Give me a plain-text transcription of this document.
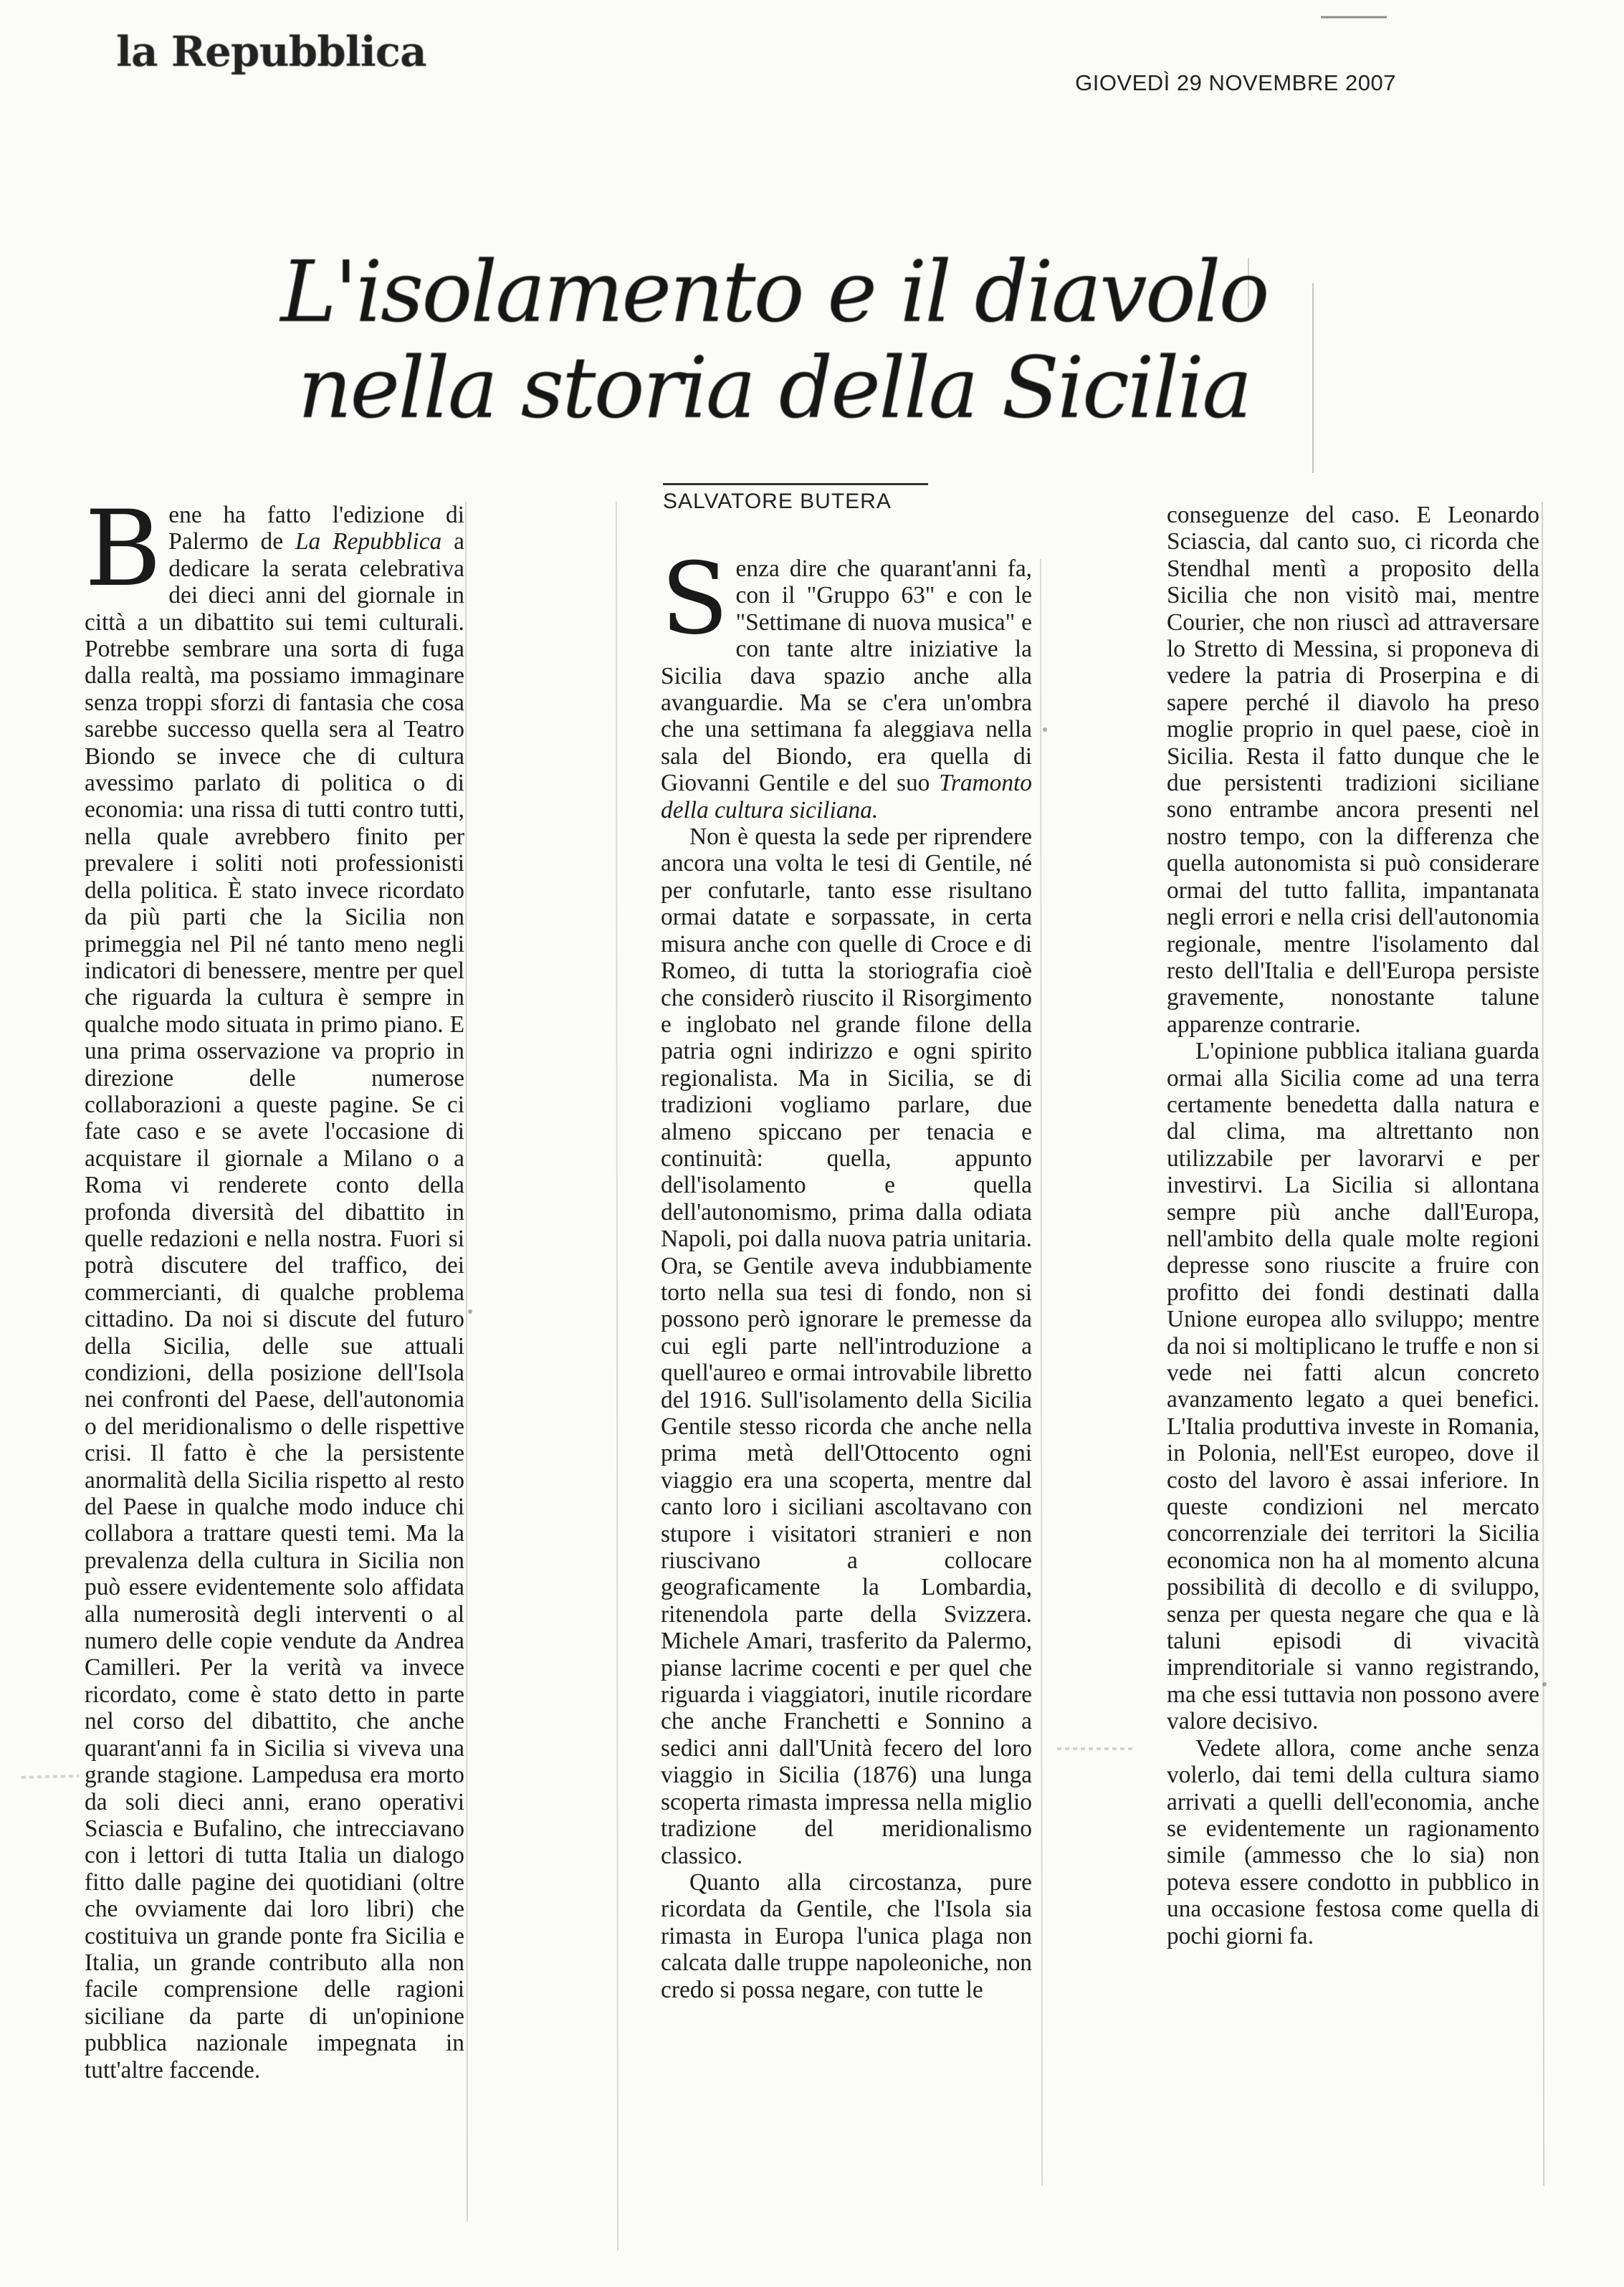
la Repubblica
GIOVEDÌ 29 NOVEMBRE 2007
L'isolamento e il diavolo
nella storia della Sicilia
SALVATORE BUTERA

Bene ha fatto l'edizione di Palermo de La Repubblica a dedicare la serata celebrativa dei dieci anni del giornale in città a un dibattito sui temi culturali. Potrebbe sembrare una sorta di fuga dalla realtà, ma possiamo immaginare senza troppi sforzi di fantasia che cosa sarebbe successo quella sera al Teatro Biondo se invece che di cultura avessimo parlato di politica o di economia: una rissa di tutti contro tutti, nella quale avrebbero finito per prevalere i soliti noti professionisti della politica. È stato invece ricordato da più parti che la Sicilia non primeggia nel Pil né tanto meno negli indicatori di benessere, mentre per quel che riguarda la cultura è sempre in qualche modo situata in primo piano. E una prima osservazione va proprio in direzione delle numerose collaborazioni a queste pagine. Se ci fate caso e se avete l'occasione di acquistare il giornale a Milano o a Roma vi renderete conto della profonda diversità del dibattito in quelle redazioni e nella nostra. Fuori si potrà discutere del traffico, dei commercianti, di qualche problema cittadino. Da noi si discute del futuro della Sicilia, delle sue attuali condizioni, della posizione dell'Isola nei confronti del Paese, dell'autonomia o del meridionalismo o delle rispettive crisi. Il fatto è che la persistente anormalità della Sicilia rispetto al resto del Paese in qualche modo induce chi collabora a trattare questi temi. Ma la prevalenza della cultura in Sicilia non può essere evidentemente solo affidata alla numerosità degli interventi o al numero delle copie vendute da Andrea Camilleri. Per la verità va invece ricordato, come è stato detto in parte nel corso del dibattito, che anche quarant'anni fa in Sicilia si viveva una grande stagione. Lampedusa era morto da soli dieci anni, erano operativi Sciascia e Bufalino, che intrecciavano con i lettori di tutta Italia un dialogo fitto dalle pagine dei quotidiani (oltre che ovviamente dai loro libri) che costituiva un grande ponte fra Sicilia e Italia, un grande contributo alla non facile comprensione delle ragioni siciliane da parte di un'opinione pubblica nazionale impegnata in tutt'altre faccende.

Senza dire che quarant'anni fa, con il "Gruppo 63" e con le "Settimane di nuova musica" e con tante altre iniziative la Sicilia dava spazio anche alla avanguardie. Ma se c'era un'ombra che una settimana fa aleggiava nella sala del Biondo, era quella di Giovanni Gentile e del suo Tramonto della cultura siciliana.

Non è questa la sede per riprendere ancora una volta le tesi di Gentile, né per confutarle, tanto esse risultano ormai datate e sorpassate, in certa misura anche con quelle di Croce e di Romeo, di tutta la storiografia cioè che considerò riuscito il Risorgimento e inglobato nel grande filone della patria ogni indirizzo e ogni spirito regionalista. Ma in Sicilia, se di tradizioni vogliamo parlare, due almeno spiccano per tenacia e continuità: quella, appunto dell'isolamento e quella dell'autonomismo, prima dalla odiata Napoli, poi dalla nuova patria unitaria. Ora, se Gentile aveva indubbiamente torto nella sua tesi di fondo, non si possono però ignorare le premesse da cui egli parte nell'introduzione a quell'aureo e ormai introvabile libretto del 1916. Sull'isolamento della Sicilia Gentile stesso ricorda che anche nella prima metà dell'Ottocento ogni viaggio era una scoperta, mentre dal canto loro i siciliani ascoltavano con stupore i visitatori stranieri e non riuscivano a collocare geograficamente la Lombardia, ritenendola parte della Svizzera. Michele Amari, trasferito da Palermo, pianse lacrime cocenti e per quel che riguarda i viaggiatori, inutile ricordare che anche Franchetti e Sonnino a sedici anni dall'Unità fecero del loro viaggio in Sicilia (1876) una lunga scoperta rimasta impressa nella miglio tradizione del meridionalismo classico.

Quanto alla circostanza, pure ricordata da Gentile, che l'Isola sia rimasta in Europa l'unica plaga non calcata dalle truppe napoleoniche, non credo si possa negare, con tutte le

conseguenze del caso. E Leonardo Sciascia, dal canto suo, ci ricorda che Stendhal mentì a proposito della Sicilia che non visitò mai, mentre Courier, che non riuscì ad attraversare lo Stretto di Messina, si proponeva di vedere la patria di Proserpina e di sapere perché il diavolo ha preso moglie proprio in quel paese, cioè in Sicilia. Resta il fatto dunque che le due persistenti tradizioni siciliane sono entrambe ancora presenti nel nostro tempo, con la differenza che quella autonomista si può considerare ormai del tutto fallita, impantanata negli errori e nella crisi dell'autonomia regionale, mentre l'isolamento dal resto dell'Italia e dell'Europa persiste gravemente, nonostante talune apparenze contrarie.

L'opinione pubblica italiana guarda ormai alla Sicilia come ad una terra certamente benedetta dalla natura e dal clima, ma altrettanto non utilizzabile per lavorarvi e per investirvi. La Sicilia si allontana sempre più anche dall'Europa, nell'ambito della quale molte regioni depresse sono riuscite a fruire con profitto dei fondi destinati dalla Unione europea allo sviluppo; mentre da noi si moltiplicano le truffe e non si vede nei fatti alcun concreto avanzamento legato a quei benefici. L'Italia produttiva investe in Romania, in Polonia, nell'Est europeo, dove il costo del lavoro è assai inferiore. In queste condizioni nel mercato concorrenziale dei territori la Sicilia economica non ha al momento alcuna possibilità di decollo e di sviluppo, senza per questa negare che qua e là taluni episodi di vivacità imprenditoriale si vanno registrando, ma che essi tuttavia non possono avere valore decisivo.

Vedete allora, come anche senza volerlo, dai temi della cultura siamo arrivati a quelli dell'economia, anche se evidentemente un ragionamento simile (ammesso che lo sia) non poteva essere condotto in pubblico in una occasione festosa come quella di pochi giorni fa.
